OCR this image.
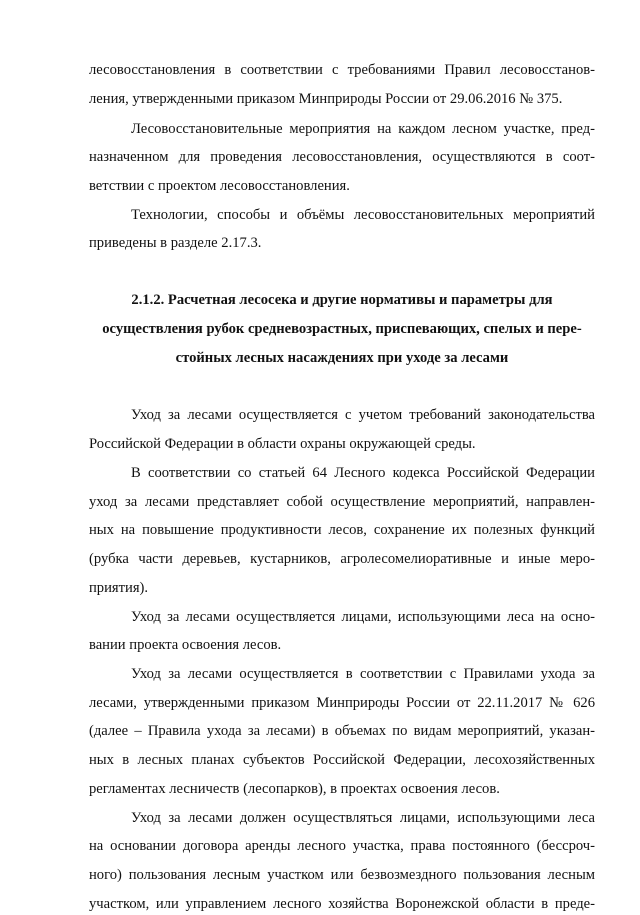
лесовосстановления в соответствии с требованиями Правил лесовосстанов-
ления, утвержденными приказом Минприроды России от 29.06.2016 № 375.
Лесовосстановительные мероприятия на каждом лесном участке, пред-
назначенном для проведения лесовосстановления, осуществляются в соот-
ветствии с проектом лесовосстановления.
Технологии, способы и объёмы лесовосстановительных мероприятий
приведены в разделе 2.17.3.
2.1.2. Расчетная лесосека и другие нормативы и параметры для
осуществления рубок средневозрастных, приспевающих, спелых и пере-
стойных лесных насаждениях при уходе за лесами
Уход за лесами осуществляется с учетом требований законодательства
Российской Федерации в области охраны окружающей среды.
В соответствии со статьей 64 Лесного кодекса Российской Федерации
уход за лесами представляет собой осуществление мероприятий, направлен-
ных на повышение продуктивности лесов, сохранение их полезных функций
(рубка части деревьев, кустарников, агролесомелиоративные и иные меро-
приятия).
Уход за лесами осуществляется лицами, использующими леса на осно-
вании проекта освоения лесов.
Уход за лесами осуществляется в соответствии с Правилами ухода за
лесами, утвержденными приказом Минприроды России от 22.11.2017 № 626
(далее – Правила ухода за лесами) в объемах по видам мероприятий, указан-
ных в лесных планах субъектов Российской Федерации, лесохозяйственных
регламентах лесничеств (лесопарков), в проектах освоения лесов.
Уход за лесами должен осуществляться лицами, использующими леса
на основании договора аренды лесного участка, права постоянного (бессроч-
ного) пользования лесным участком или безвозмездного пользования лесным
участком, или управлением лесного хозяйства Воронежской области в преде-
